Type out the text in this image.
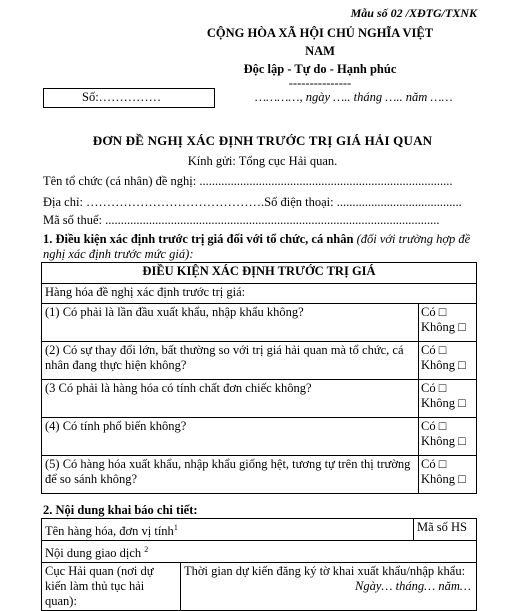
Mẫu số 02 /XĐTG/TXNK
CỘNG HÒA XÃ HỘI CHỦ NGHĨA VIỆT
NAM
Độc lập - Tự do - Hạnh phúc
---------------
Số:……………	…………, ngày ….. tháng ….. năm ……
ĐƠN ĐỀ NGHỊ XÁC ĐỊNH TRƯỚC TRỊ GIÁ HẢI QUAN
Kính gửi: Tổng cục Hải quan.
Tên tổ chức (cá nhân) đề nghị: .................................................................................
Địa chỉ: …………………………………….Số điện thoại: ........................................
Mã số thuế: ...........................................................................................................
1. Điều kiện xác định trước trị giá đối với tổ chức, cá nhân (đối với trường hợp đề nghị xác định trước mức giá):
ĐIỀU KIỆN XÁC ĐỊNH TRƯỚC TRỊ GIÁ	
Hàng hóa đề nghị xác định trước trị giá:	
(1) Có phải là lần đầu xuất khẩu, nhập khẩu không?	Có □
Không □

(2) Có sự thay đổi lớn, bất thường so với trị giá hải quan mà tổ chức, cá nhân đang thực hiện không?	Có □
Không □

(3 Có phải là hàng hóa có tính chất đơn chiếc không?	Có □
Không □

(4) Có tính phổ biến không?	Có □
Không □

(5) Có hàng hóa xuất khẩu, nhập khẩu giống hệt, tương tự trên thị trường để so sánh không?	Có □
Không □
2. Nội dung khai báo chi tiết:
Tên hàng hóa, đơn vị tính$^1$		Mã số HS
Nội dung giao dịch $^2$
Cục Hải quan (nơi dự kiến làm thủ tục hải quan):	Thời gian dự kiến đăng ký tờ khai xuất khẩu/nhập khẩu:
Ngày… tháng… năm…	
